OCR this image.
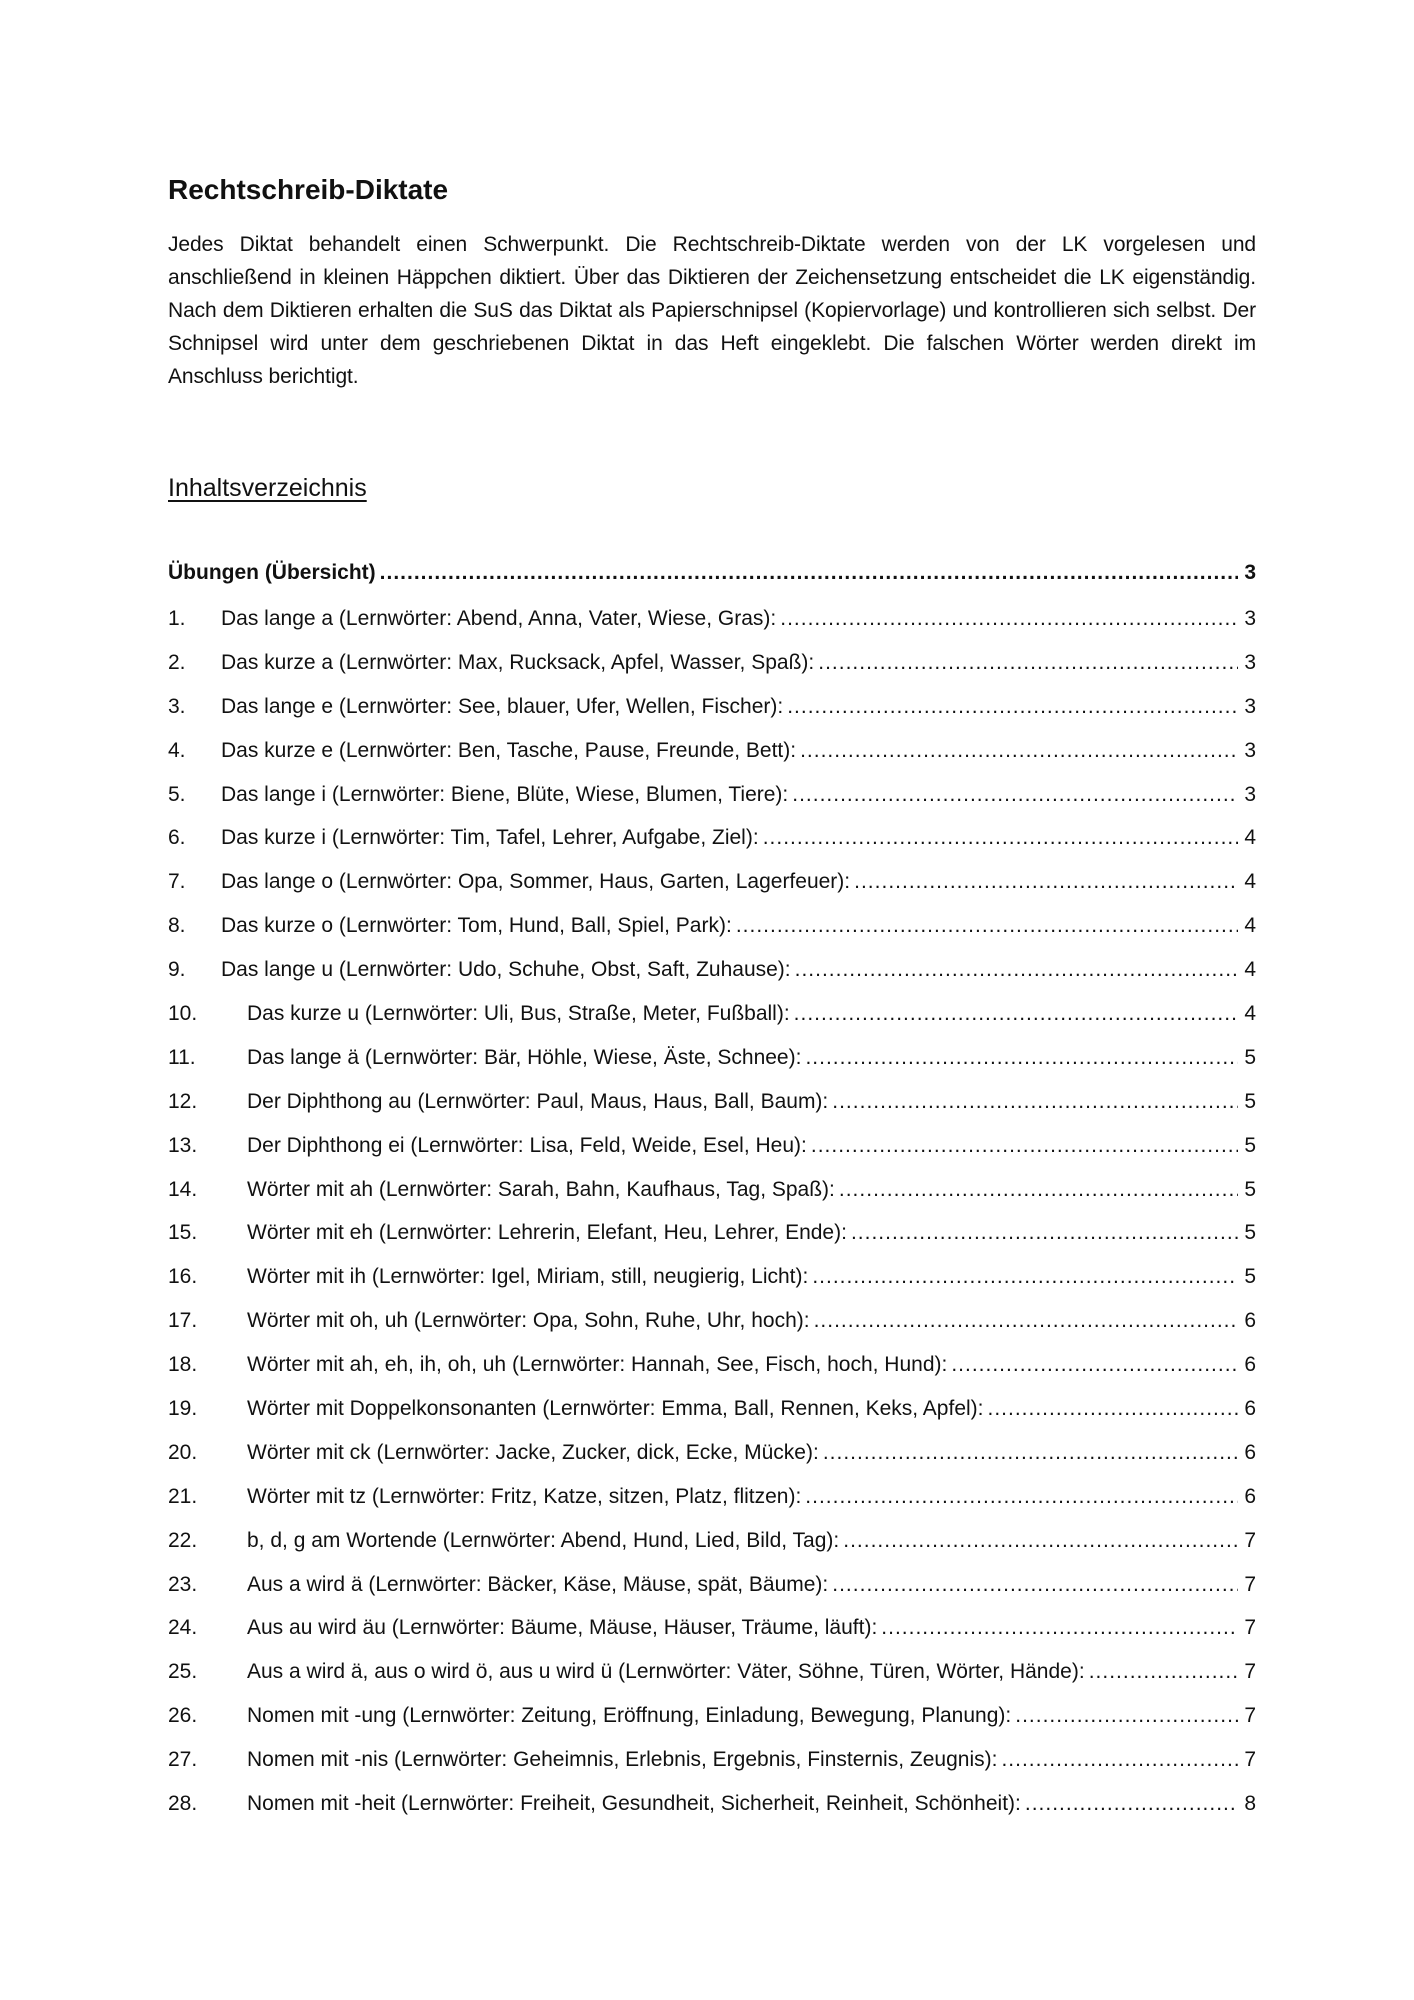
Rechtschreib-Diktate

Jedes Diktat behandelt einen Schwerpunkt. Die Rechtschreib-Diktate werden von der LK vorgelesen und anschließend in kleinen Häppchen diktiert. Über das Diktieren der Zeichensetzung entscheidet die LK eigenständig. Nach dem Diktieren erhalten die SuS das Diktat als Papierschnipsel (Kopiervorlage) und kontrollieren sich selbst. Der Schnipsel wird unter dem geschriebenen Diktat in das Heft eingeklebt. Die falschen Wörter werden direkt im Anschluss berichtigt.

Inhaltsverzeichnis
Übungen (Übersicht) .....	3
1.	Das lange a (Lernwörter: Abend, Anna, Vater, Wiese, Gras): .....	3
2.	Das kurze a (Lernwörter: Max, Rucksack, Apfel, Wasser, Spaß): .....	3
3.	Das lange e (Lernwörter: See, blauer, Ufer, Wellen, Fischer): .....	3
4.	Das kurze e (Lernwörter: Ben, Tasche, Pause, Freunde, Bett): .....	3
5.	Das lange i (Lernwörter: Biene, Blüte, Wiese, Blumen, Tiere): .....	3
6.	Das kurze i (Lernwörter: Tim, Tafel, Lehrer, Aufgabe, Ziel): .....	4
7.	Das lange o (Lernwörter: Opa, Sommer, Haus, Garten, Lagerfeuer): .....	4
8.	Das kurze o (Lernwörter: Tom, Hund, Ball, Spiel, Park): .....	4
9.	Das lange u (Lernwörter: Udo, Schuhe, Obst, Saft, Zuhause): .....	4
10.	Das kurze u (Lernwörter: Uli, Bus, Straße, Meter, Fußball): .....	4
11.	Das lange ä (Lernwörter: Bär, Höhle, Wiese, Äste, Schnee): .....	5
12.	Der Diphthong au (Lernwörter: Paul, Maus, Haus, Ball, Baum): .....	5
13.	Der Diphthong ei (Lernwörter: Lisa, Feld, Weide, Esel, Heu): .....	5
14.	Wörter mit ah (Lernwörter: Sarah, Bahn, Kaufhaus, Tag, Spaß): .....	5
15.	Wörter mit eh (Lernwörter: Lehrerin, Elefant, Heu, Lehrer, Ende): .....	5
16.	Wörter mit ih (Lernwörter: Igel, Miriam, still, neugierig, Licht): .....	5
17.	Wörter mit oh, uh (Lernwörter: Opa, Sohn, Ruhe, Uhr, hoch): .....	6
18.	Wörter mit ah, eh, ih, oh, uh (Lernwörter: Hannah, See, Fisch, hoch, Hund): .....	6
19.	Wörter mit Doppelkonsonanten (Lernwörter: Emma, Ball, Rennen, Keks, Apfel): .....	6
20.	Wörter mit ck (Lernwörter: Jacke, Zucker, dick, Ecke, Mücke): .....	6
21.	Wörter mit tz (Lernwörter: Fritz, Katze, sitzen, Platz, flitzen): .....	6
22.	b, d, g am Wortende (Lernwörter: Abend, Hund, Lied, Bild, Tag): .....	7
23.	Aus a wird ä (Lernwörter: Bäcker, Käse, Mäuse, spät, Bäume): .....	7
24.	Aus au wird äu (Lernwörter: Bäume, Mäuse, Häuser, Träume, läuft): .....	7
25.	Aus a wird ä, aus o wird ö, aus u wird ü (Lernwörter: Väter, Söhne, Türen, Wörter, Hände): .....	7
26.	Nomen mit -ung (Lernwörter: Zeitung, Eröffnung, Einladung, Bewegung, Planung): .....	7
27.	Nomen mit -nis (Lernwörter: Geheimnis, Erlebnis, Ergebnis, Finsternis, Zeugnis): .....	7
28.	Nomen mit -heit (Lernwörter: Freiheit, Gesundheit, Sicherheit, Reinheit, Schönheit): .....	8
